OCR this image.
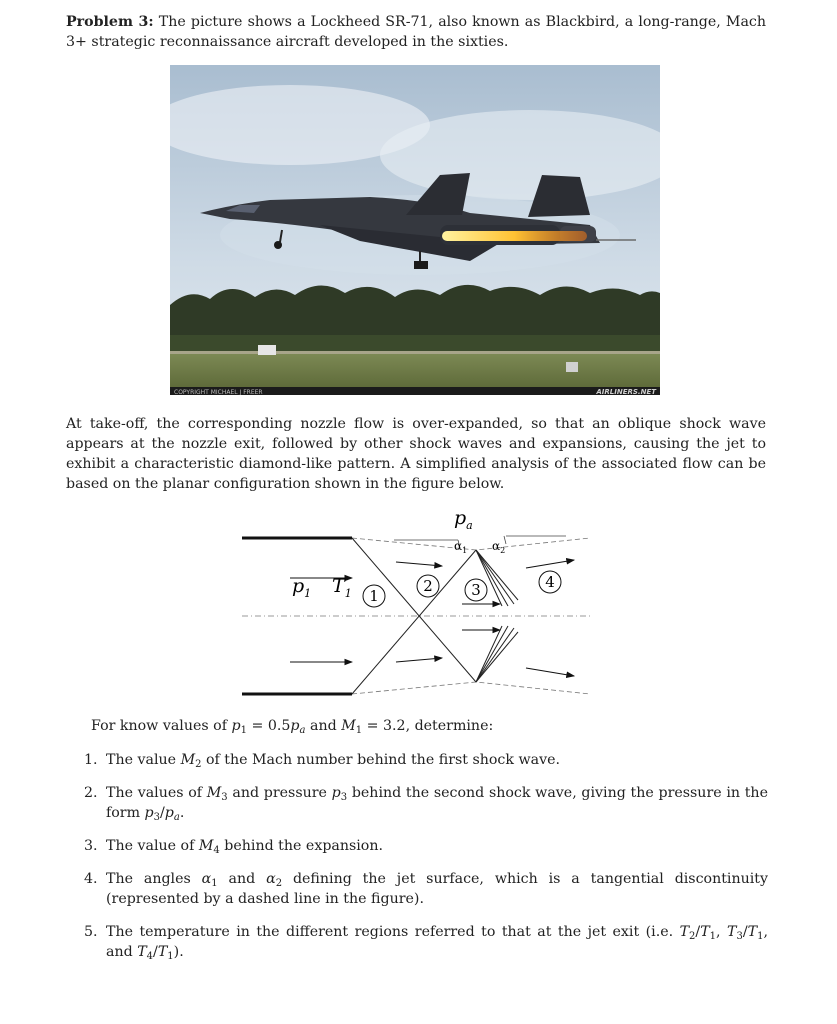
Problem 3: The picture shows a Lockheed SR-71, also known as Blackbird, a long-range, Mach 3+ strategic reconnaissance aircraft developed in the sixties.
COPYRIGHT MICHAEL J FREER	AIRLINERS.NET
At take-off, the corresponding nozzle flow is over-expanded, so that an oblique shock wave appears at the nozzle exit, followed by other shock waves and expansions, causing the jet to exhibit a characteristic diamond-like pattern. A simplified analysis of the associated flow can be based on the planar configuration shown in the figure below.
$p_a$
$\alpha_1$ $\alpha_2$
$p_1$ $T_1$ 1
2	3	4
For know values of $p_1 = 0.5p_a$ and $M_1 = 3.2$, determine:
1. The value $M_2$ of the Mach number behind the first shock wave.
2. The values of $M_3$ and pressure $p_3$ behind the second shock wave, giving the pressure in the form $p_3/p_a$.
3. The value of $M_4$ behind the expansion.
4. The angles $\alpha_1$ and $\alpha_2$ defining the jet surface, which is a tangential discontinuity (represented by a dashed line in the figure).
5. The temperature in the different regions referred to that at the jet exit (i.e. $T_2/T_1$, $T_3/T_1$, and $T_4/T_1$).
